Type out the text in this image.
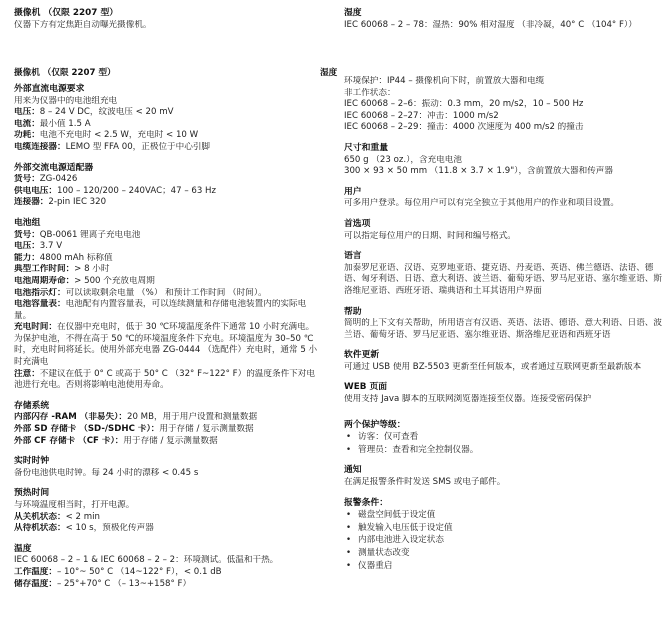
摄像机 （仅限 2207 型）
仪器下方有定焦距自动曝光摄像机。
湿度
IEC 60068 – 2 – 78：湿热：90% 相对湿度 （非冷凝，40° C （104° F））
摄像机 （仅限 2207 型）	湿度
外部直流电源要求
用来为仪器中的电池组充电
电压：8 – 24 V DC，纹波电压 < 20 mV
电流：最小值 1.5 A
功耗：电池不充电时 < 2.5 W，充电时 < 10 W
电缆连接器：LEMO 型 FFA 00，正极位于中心引脚
外部交流电源适配器
货号：ZG-0426
供电电压：100 – 120/200 – 240VAC；47 – 63 Hz
连接器：2-pin IEC 320
电池组
货号：QB-0061 锂离子充电电池
电压：3.7 V
能力：4800 mAh 标称值
典型工作时间：> 8 小时
电池周期寿命：> 500 个充放电周期
电池指示灯：可以读取剩余电量 （%） 和预计工作时间 （时间）。
电池容量表：电池配有内置容量表，可以连续测量和存储电池装置内的实际电量。
充电时间：在仪器中充电时，低于 30 ℃环境温度条件下通常 10 小时充满电。为保护电池，不得在高于 50 ℃的环境温度条件下充电。环境温度为 30–50 ℃时，充电时间将延长。使用外部充电器 ZG-0444 （选配件）充电时，通常 5 小时充满电
注意：不建议在低于 0° C 或高于 50° C （32° F~122° F）的温度条件下对电池进行充电。否则将影响电池使用寿命。
存储系统
内部闪存 -RAM （非易失）：20 MB，用于用户设置和测量数据
外部 SD 存储卡 （SD-/SDHC 卡）：用于存储 / 复示测量数据
外部 CF 存储卡 （CF 卡）：用于存储 / 复示测量数据
实时时钟
备份电池供电时钟。每 24 小时的漂移 < 0.45 s
预热时间
与环境温度相当时，打开电源。
从关机状态：< 2 min
从待机状态：< 10 s，预极化传声器
温度
IEC 60068 – 2 – 1 & IEC 60068 – 2 – 2：环境测试。低温和干热。
工作温度：– 10°~ 50° C （14~122° F），< 0.1 dB
储存温度：– 25°+70° C （– 13~+158° F）
环境保护：IP44 – 摄像机向下时，前置放大器和电缆
非工作状态：
IEC 60068 – 2–6：振动：0.3 mm，20 m/s2，10 – 500 Hz
IEC 60068 – 2–27：冲击：1000 m/s2
IEC 60068 – 2–29：撞击：4000 次速度为 400 m/s2 的撞击
尺寸和重量
650 g （23 oz.），含充电电池
300 × 93 × 50 mm （11.8 × 3.7 × 1.9"），含前置放大器和传声器
用户
可多用户登录。每位用户可以有完全独立于其他用户的作业和项目设置。
首选项
可以指定每位用户的日期、时间和编号格式。
语言
加泰罗尼亚语、汉语、克罗地亚语、捷克语、丹麦语、英语、佛兰德语、法语、德语、匈牙利语、日语、意大利语、波兰语、葡萄牙语、罗马尼亚语、塞尔维亚语、斯洛维尼亚语、西班牙语、瑞典语和土耳其语用户界面
帮助
简明的上下文有关帮助，所用语言有汉语、英语、法语、德语、意大利语、日语、波兰语、葡萄牙语、罗马尼亚语、塞尔维亚语、斯洛维尼亚语和西班牙语
软件更新
可通过 USB 使用 BZ-5503 更新至任何版本，或者通过互联网更新至最新版本
WEB 页面
使用支持 Java 脚本的互联网浏览器连接至仪器。连接受密码保护
两个保护等级：
• 访客：仅可查看
• 管理员：查看和完全控制仪器。
通知
在满足报警条件时发送 SMS 或电子邮件。
报警条件：
• 磁盘空间低于设定值
• 触发输入电压低于设定值
• 内部电池进入设定状态
• 测量状态改变
• 仪器重启
